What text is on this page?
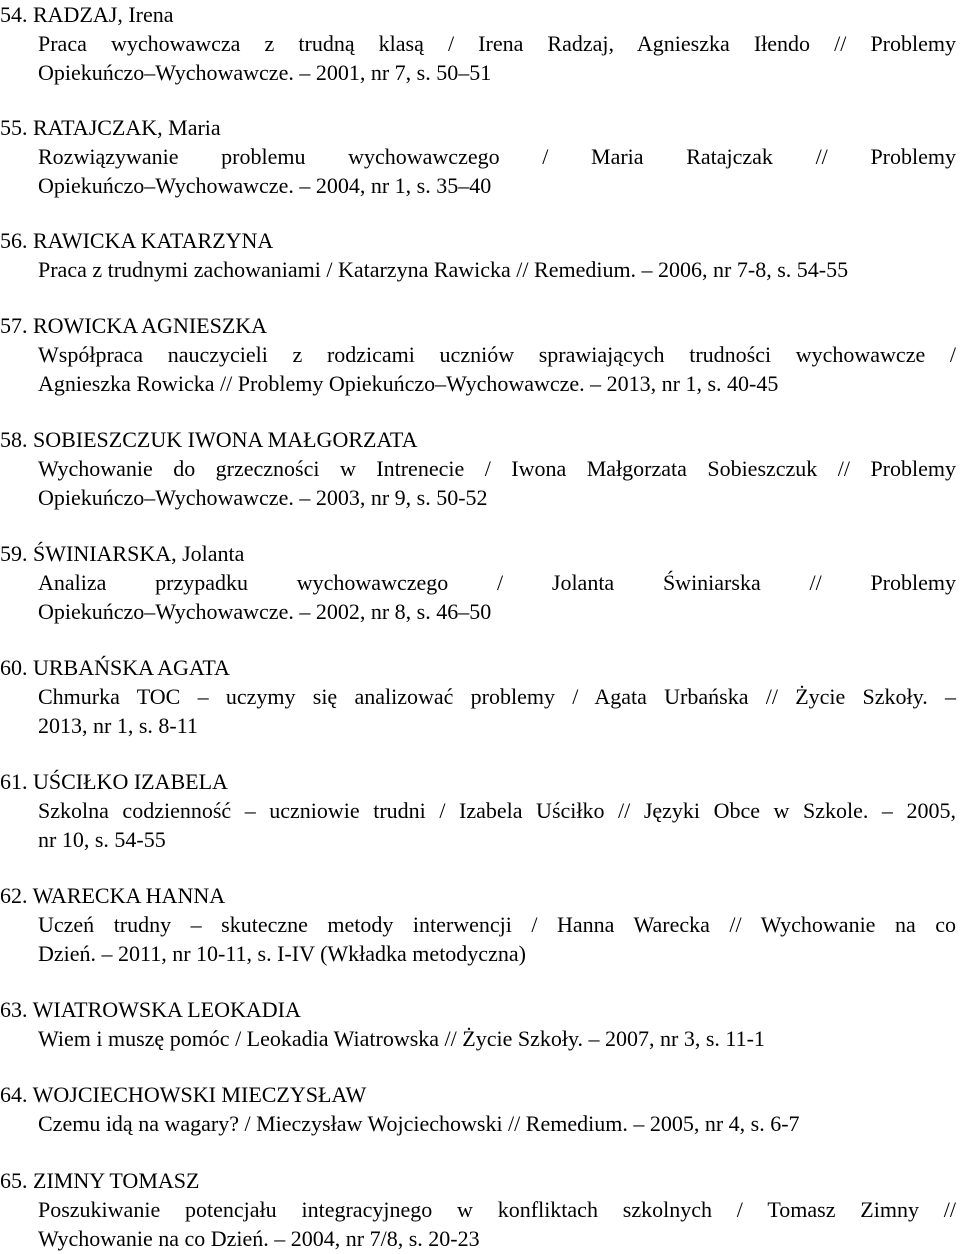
54. RADZAJ, Irena
Praca wychowawcza z trudną klasą / Irena Radzaj, Agnieszka Iłendo // Problemy
Opiekuńczo–Wychowawcze. – 2001, nr 7, s. 50–51
55. RATAJCZAK, Maria
Rozwiązywanie problemu wychowawczego / Maria Ratajczak // Problemy
Opiekuńczo–Wychowawcze. – 2004, nr 1, s. 35–40
56. RAWICKA KATARZYNA
Praca z trudnymi zachowaniami / Katarzyna Rawicka // Remedium. – 2006, nr 7-8, s. 54-55
57. ROWICKA AGNIESZKA
Współpraca nauczycieli z rodzicami uczniów sprawiających trudności wychowawcze /
Agnieszka Rowicka // Problemy Opiekuńczo–Wychowawcze. – 2013, nr 1, s. 40-45
58. SOBIESZCZUK IWONA MAŁGORZATA
Wychowanie do grzeczności w Intrenecie / Iwona Małgorzata Sobieszczuk // Problemy
Opiekuńczo–Wychowawcze. – 2003, nr 9, s. 50-52
59. ŚWINIARSKA, Jolanta
Analiza przypadku wychowawczego / Jolanta Świniarska // Problemy
Opiekuńczo–Wychowawcze. – 2002, nr 8, s. 46–50
60. URBAŃSKA AGATA
Chmurka TOC – uczymy się analizować problemy / Agata Urbańska // Życie Szkoły. –
2013, nr 1, s. 8-11
61. UŚCIŁKO IZABELA
Szkolna codzienność – uczniowie trudni / Izabela Uściłko // Języki Obce w Szkole. – 2005,
nr 10, s. 54-55
62. WARECKA HANNA
Uczeń trudny – skuteczne metody interwencji / Hanna Warecka // Wychowanie na co
Dzień. – 2011, nr 10-11, s. I-IV (Wkładka metodyczna)
63. WIATROWSKA LEOKADIA
Wiem i muszę pomóc / Leokadia Wiatrowska // Życie Szkoły. – 2007, nr 3, s. 11-1
64. WOJCIECHOWSKI MIECZYSŁAW
Czemu idą na wagary? / Mieczysław Wojciechowski // Remedium. – 2005, nr 4, s. 6-7
65. ZIMNY TOMASZ
Poszukiwanie potencjału integracyjnego w konfliktach szkolnych / Tomasz Zimny //
Wychowanie na co Dzień. – 2004, nr 7/8, s. 20-23
